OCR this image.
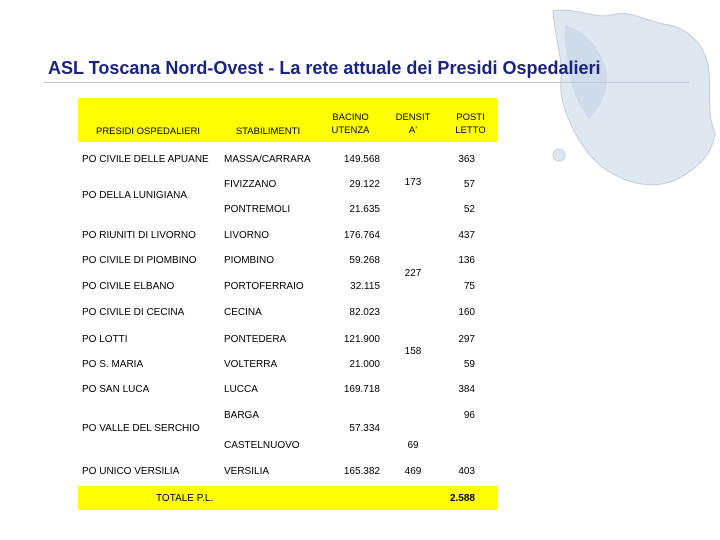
ASL Toscana Nord-Ovest - La rete attuale dei Presidi Ospedalieri
PRESIDI OSPEDALIERI	STABILIMENTI
BACINO
UTENZA
DENSIT
A'
POSTI
LETTO
PO CIVILE DELLE APUANE
PO DELLA LUNIGIANA
PO RIUNITI DI LIVORNO
PO CIVILE DI PIOMBINO
PO CIVILE ELBANO
PO CIVILE DI CECINA
PO LOTTI
PO S. MARIA
PO SAN LUCA
PO VALLE DEL SERCHIO
PO UNICO VERSILIA
MASSA/CARRARA
FIVIZZANO
PONTREMOLI
LIVORNO
PIOMBINO
PORTOFERRAIO
CECINA
PONTEDERA
VOLTERRA
LUCCA
BARGA
CASTELNUOVO
VERSILIA
149.568
29.122
21.635
176.764
59.268
32.115
82.023
121.900
21.000
169.718
57.334
165.382
173
227
158
69
469
363
57
52
437
136
75
160
297
59
384
96
403
TOTALE P.L.	2.588
